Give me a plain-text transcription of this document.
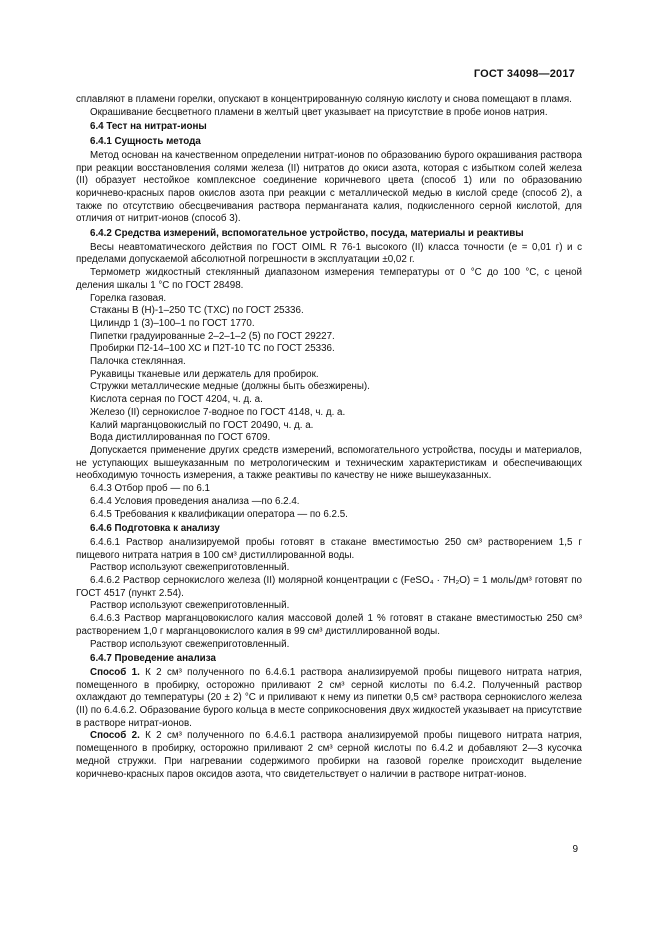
ГОСТ 34098—2017

сплавляют в пламени горелки, опускают в концентрированную соляную кислоту и снова помещают в пламя.

Окрашивание бесцветного пламени в желтый цвет указывает на присутствие в пробе ионов натрия.

6.4 Тест на нитрат-ионы

6.4.1 Сущность метода

Метод основан на качественном определении нитрат-ионов по образованию бурого окрашивания раствора при реакции восстановления солями железа (II) нитратов до окиси азота, которая с избытком солей железа (II) образует нестойкое комплексное соединение коричневого цвета (способ 1) или по образованию коричнево-красных паров окислов азота при реакции с металлической медью в кислой среде (способ 2), а также по отсутствию обесцвечивания раствора перманганата калия, подкисленного серной кислотой, для отличия от нитрит-ионов (способ 3).

6.4.2 Средства измерений, вспомогательное устройство, посуда, материалы и реактивы

Весы неавтоматического действия по ГОСТ OIML R 76-1 высокого (II) класса точности (e = 0,01 г) и с пределами допускаемой абсолютной погрешности в эксплуатации ±0,02 г.

Термометр жидкостный стеклянный диапазоном измерения температуры от 0 °С до 100 °С, с ценой деления шкалы 1 °С по ГОСТ 28498.

Горелка газовая.

Стаканы В (Н)-1–250 ТС (ТХС) по ГОСТ 25336.

Цилиндр 1 (3)–100–1 по ГОСТ 1770.

Пипетки градуированные 2–2–1–2 (5) по ГОСТ 29227.

Пробирки П2-14–100 ХС и П2Т-10 ТС по ГОСТ 25336.

Палочка стеклянная.

Рукавицы тканевые или держатель для пробирок.

Стружки металлические медные (должны быть обезжирены).

Кислота серная по ГОСТ 4204, ч. д. а.

Железо (II) сернокислое 7-водное по ГОСТ 4148, ч. д. а.

Калий марганцовокислый по ГОСТ 20490, ч. д. а.

Вода дистиллированная по ГОСТ 6709.

Допускается применение других средств измерений, вспомогательного устройства, посуды и материалов, не уступающих вышеуказанным по метрологическим и техническим характеристикам и обеспечивающих необходимую точность измерения, а также реактивы по качеству не ниже вышеуказанных.

6.4.3 Отбор проб — по 6.1

6.4.4 Условия проведения анализа —по 6.2.4.

6.4.5 Требования к квалификации оператора — по 6.2.5.

6.4.6 Подготовка к анализу

6.4.6.1 Раствор анализируемой пробы готовят в стакане вместимостью 250 см³ растворением 1,5 г пищевого нитрата натрия в 100 см³ дистиллированной воды.

Раствор используют свежеприготовленный.

6.4.6.2 Раствор сернокислого железа (II) молярной концентрации c (FeSO₄ · 7H₂O) = 1 моль/дм³ готовят по ГОСТ 4517 (пункт 2.54).

Раствор используют свежеприготовленный.

6.4.6.3 Раствор марганцовокислого калия массовой долей 1 % готовят в стакане вместимостью 250 см³ растворением 1,0 г марганцовокислого калия в 99 см³ дистиллированной воды.

Раствор используют свежеприготовленный.

6.4.7 Проведение анализа

Способ 1. К 2 см³ полученного по 6.4.6.1 раствора анализируемой пробы пищевого нитрата натрия, помещенного в пробирку, осторожно приливают 2 см³ серной кислоты по 6.4.2. Полученный раствор охлаждают до температуры (20 ± 2) °С и приливают к нему из пипетки 0,5 см³ раствора сернокислого железа (II) по 6.4.6.2. Образование бурого кольца в месте соприкосновения двух жидкостей указывает на присутствие в растворе нитрат-ионов.

Способ 2. К 2 см³ полученного по 6.4.6.1 раствора анализируемой пробы пищевого нитрата натрия, помещенного в пробирку, осторожно приливают 2 см³ серной кислоты по 6.4.2 и добавляют 2—3 кусочка медной стружки. При нагревании содержимого пробирки на газовой горелке происходит выделение коричнево-красных паров оксидов азота, что свидетельствует о наличии в растворе нитрат-ионов.

9
